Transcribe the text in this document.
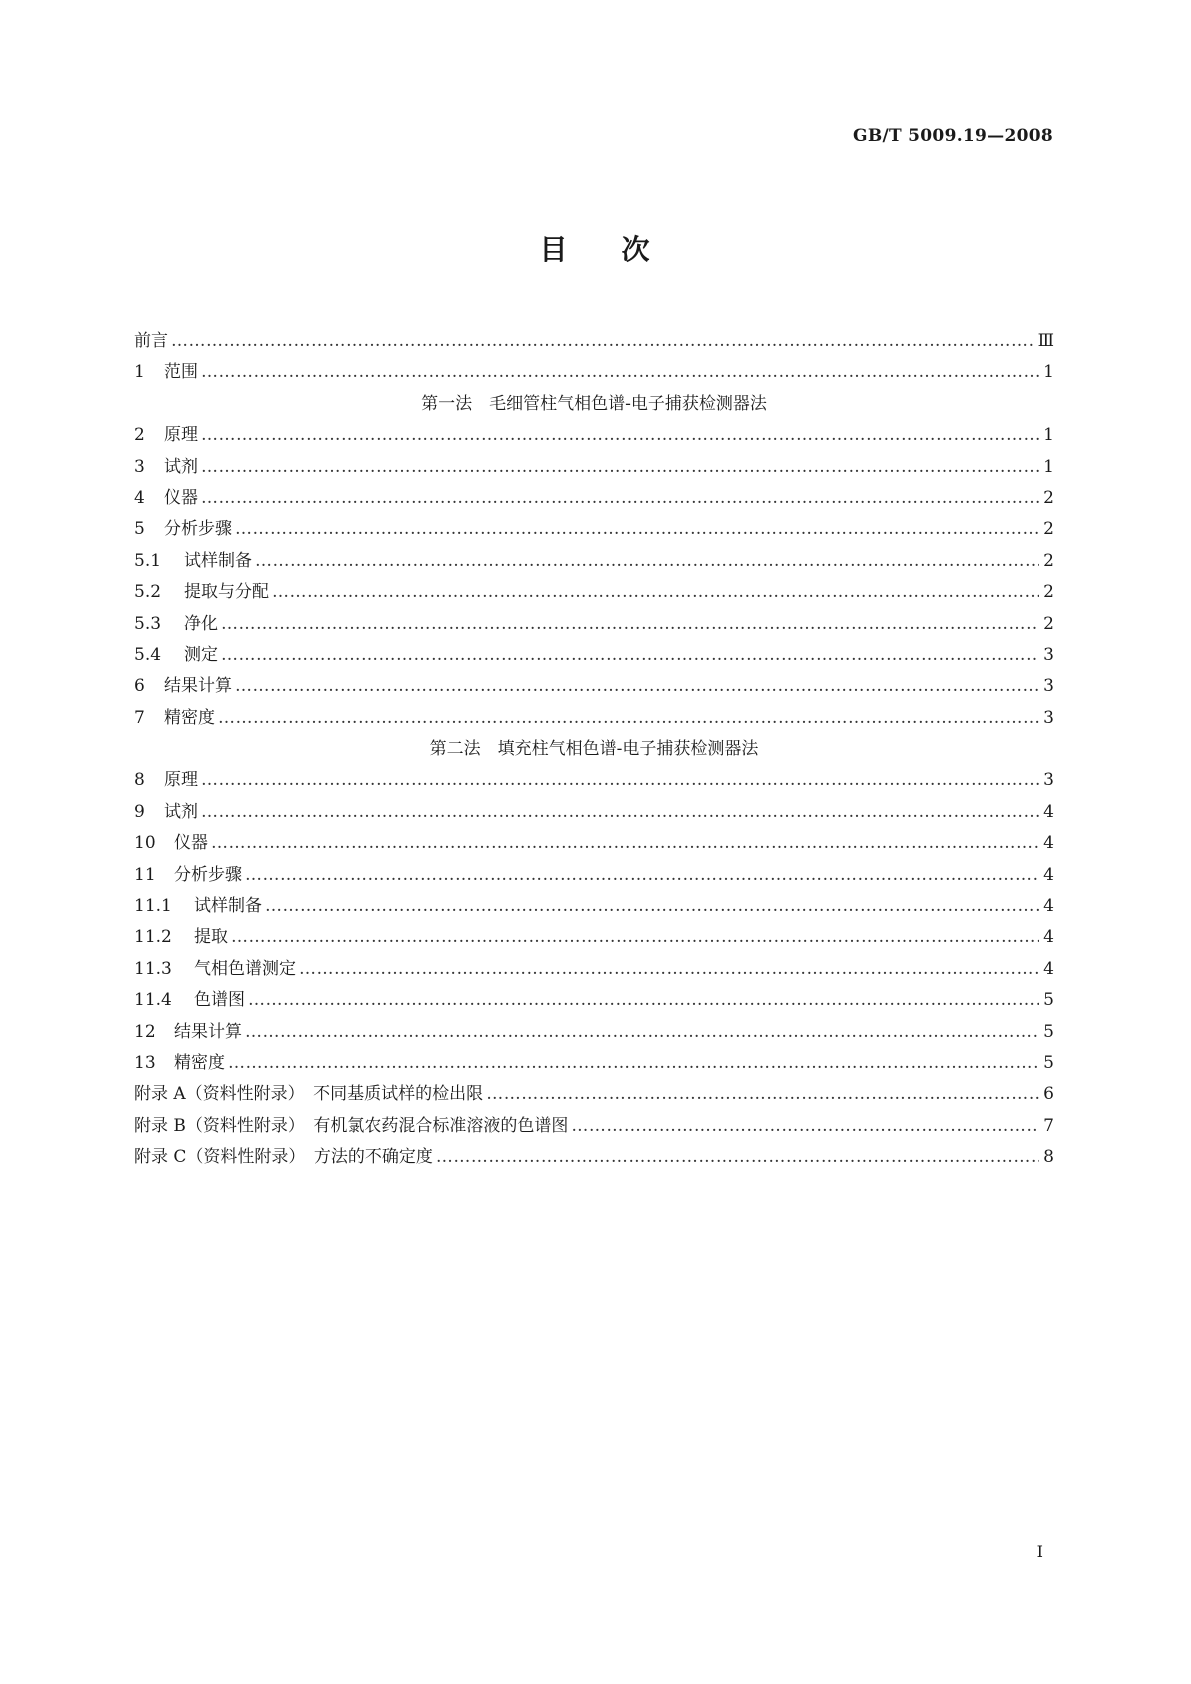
GB/T 5009.19—2008
目 次
前言 …………………………………………………………………………………………………………………………………………………………………………………………………………………	Ⅲ
1	范围 …………………………………………………………………………………………………………………………………………………………………………………………………………………	1
第一法　毛细管柱气相色谱-电子捕获检测器法
2	原理 …………………………………………………………………………………………………………………………………………………………………………………………………………………	1
3	试剂 …………………………………………………………………………………………………………………………………………………………………………………………………………………	1
4	仪器 …………………………………………………………………………………………………………………………………………………………………………………………………………………	2
5	分析步骤 …………………………………………………………………………………………………………………………………………………………………………………………………………………	2
5.1	试样制备 …………………………………………………………………………………………………………………………………………………………………………………………………………………	2
5.2	提取与分配 …………………………………………………………………………………………………………………………………………………………………………………………………………………	2
5.3	净化 …………………………………………………………………………………………………………………………………………………………………………………………………………………	2
5.4	测定 …………………………………………………………………………………………………………………………………………………………………………………………………………………	3
6	结果计算 …………………………………………………………………………………………………………………………………………………………………………………………………………………	3
7	精密度 …………………………………………………………………………………………………………………………………………………………………………………………………………………	3
第二法　填充柱气相色谱-电子捕获检测器法
8	原理 …………………………………………………………………………………………………………………………………………………………………………………………………………………	3
9	试剂 …………………………………………………………………………………………………………………………………………………………………………………………………………………	4
10	仪器 …………………………………………………………………………………………………………………………………………………………………………………………………………………	4
11	分析步骤 …………………………………………………………………………………………………………………………………………………………………………………………………………………	4
11.1	试样制备 …………………………………………………………………………………………………………………………………………………………………………………………………………………	4
11.2	提取 …………………………………………………………………………………………………………………………………………………………………………………………………………………	4
11.3	气相色谱测定 …………………………………………………………………………………………………………………………………………………………………………………………………………………	4
11.4	色谱图 …………………………………………………………………………………………………………………………………………………………………………………………………………………	5
12	结果计算 …………………………………………………………………………………………………………………………………………………………………………………………………………………	5
13	精密度 …………………………………………………………………………………………………………………………………………………………………………………………………………………	5
附录 A（资料性附录）　不同基质试样的检出限 …………………………………………………………………………………………………………………………………………………………………………………………………………………	6
附录 B（资料性附录）　有机氯农药混合标准溶液的色谱图 …………………………………………………………………………………………………………………………………………………………………………………………………………………	7
附录 C（资料性附录）　方法的不确定度 …………………………………………………………………………………………………………………………………………………………………………………………………………………	8
Ⅰ
